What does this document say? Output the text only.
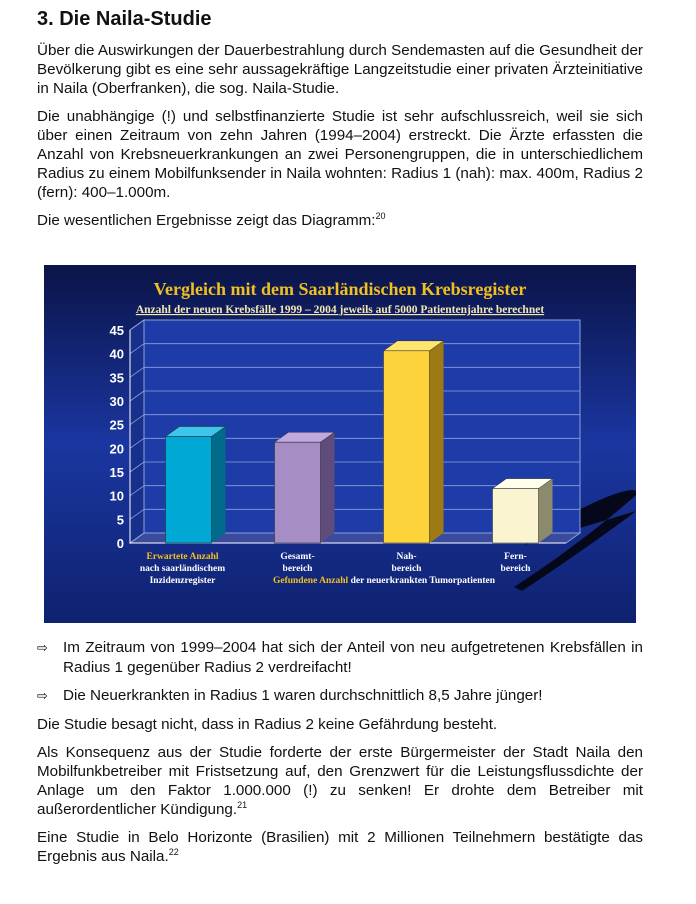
3. Die Naila-Studie

Über die Auswirkungen der Dauerbestrahlung durch Sendemasten auf die Gesundheit der Bevölkerung gibt es eine sehr aussagekräftige Langzeitstudie einer privaten Ärzteinitiative in Naila (Oberfranken), die sog. Naila-Studie.

Die unabhängige (!) und selbstfinanzierte Studie ist sehr aufschlussreich, weil sie sich über einen Zeitraum von zehn Jahren (1994–2004) erstreckt. Die Ärzte erfassten die Anzahl von Krebsneuerkrankungen an zwei Personengruppen, die in unterschiedlichem Radius zu einem Mobilfunksender in Naila wohnten: Radius 1 (nah): max. 400m, Radius 2 (fern): 400–1.000m.

Die wesentlichen Ergebnisse zeigt das Diagramm:$^{20}$

Vergleich mit dem Saarländischen Krebsregister
Anzahl der neuen Krebsfälle 1999 – 2004 jeweils auf 5000 Patientenjahre berechnet
45
40
35
30
25
20
15
10
5
0
Erwartete Anzahl
nach saarländischem
Inzidenzregister
Gesamt-
bereich
Nah-
bereich
Fern-
bereich
Gefundene Anzahl der neuerkrankten Tumorpatienten

⇨ Im Zeitraum von 1999–2004 hat sich der Anteil von neu aufgetretenen Krebsfällen in Radius 1 gegenüber Radius 2 verdreifacht!

⇨ Die Neuerkrankten in Radius 1 waren durchschnittlich 8,5 Jahre jünger!

Die Studie besagt nicht, dass in Radius 2 keine Gefährdung besteht.

Als Konsequenz aus der Studie forderte der erste Bürgermeister der Stadt Naila den Mobilfunkbetreiber mit Fristsetzung auf, den Grenzwert für die Leistungsflussdichte der Anlage um den Faktor 1.000.000 (!) zu senken! Er drohte dem Betreiber mit außerordentlicher Kündigung.$^{21}$

Eine Studie in Belo Horizonte (Brasilien) mit 2 Millionen Teilnehmern bestätigte das Ergebnis aus Naila.$^{22}$
